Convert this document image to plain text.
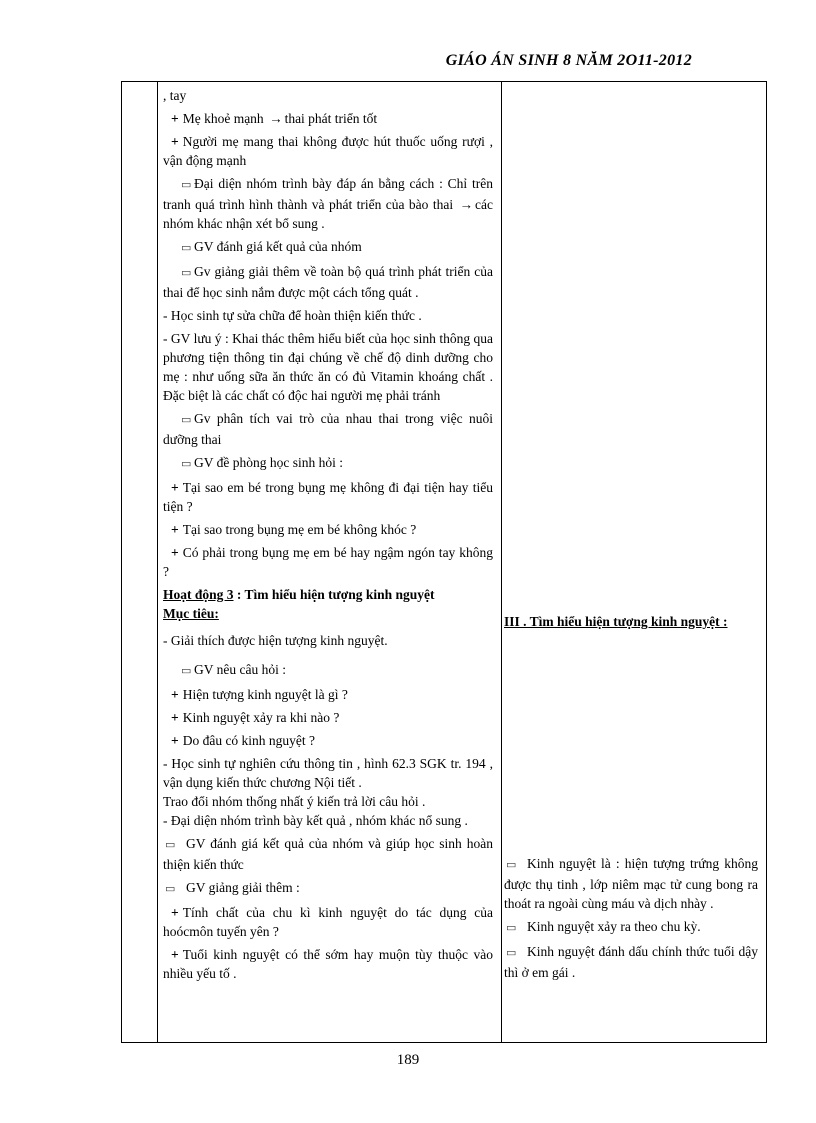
GIÁO ÁN SINH 8 NĂM 2O11-2012
, tay
+ Mẹ khoẻ mạnh → thai phát triển tốt
+ Người mẹ mang thai không được hút thuốc uống rượi , vận động mạnh
▭ Đại diện nhóm trình bày đáp án bằng cách : Chỉ trên tranh quá trình hình thành và phát triển của bào thai → các nhóm khác nhận xét bổ sung .
▭ GV đánh giá kết quả của nhóm
▭ Gv giảng giải thêm về toàn bộ quá trình phát triển của thai để học sinh nắm được một cách tổng quát .
- Học sinh tự sửa chữa để hoàn thiện kiến thức .
- GV lưu ý : Khai thác thêm hiểu biết của học sinh thông qua phương tiện thông tin đại chúng về chế độ dinh dưỡng cho mẹ : như uống sữa ăn thức ăn có đủ Vitamin khoáng chất . Đặc biệt là các chất có độc hai người mẹ phải tránh
▭ Gv phân tích vai trò của nhau thai trong việc nuôi dưỡng thai
▭ GV đề phòng học sinh hỏi :
+ Tại sao em bé trong bụng mẹ không đi đại tiện hay tiểu tiện ?
+ Tại sao trong bụng mẹ em bé không khóc ?
+ Có phải trong bụng mẹ em bé hay ngậm ngón tay không ?
Hoạt động 3 : Tìm hiểu hiện tượng kinh nguyệt
Mục tiêu:
- Giải thích được hiện tượng kinh nguyệt.
▭ GV nêu câu hỏi :
+ Hiện tượng kinh nguyệt là gì ?
+ Kinh nguyệt xảy ra khi nào ?
+ Do đâu có kinh nguyệt ?
- Học sinh tự nghiên cứu thông tin , hình 62.3 SGK tr. 194 , vận dụng kiến thức chương Nội tiết .
Trao đổi nhóm thống nhất ý kiến trả lời câu hỏi .
- Đại diện nhóm trình bày kết quả , nhóm khác nổ sung .
▭ GV đánh giá kết quả của nhóm và giúp học sinh hoàn thiện kiến thức
▭ GV giảng giải thêm :
+ Tính chất của chu kì kinh nguyệt do tác dụng của hoócmôn tuyến yên ?
+ Tuổi kinh nguyệt có thể sớm hay muộn tùy thuộc vào nhiều yếu tố .
III . Tìm hiểu hiện tượng kinh nguyệt :
▭ Kinh nguyệt là : hiện tượng trứng không được thụ tinh , lớp niêm mạc tử cung bong ra thoát ra ngoài cùng máu và dịch nhày .
▭ Kinh nguyệt xảy ra theo chu kỳ.
▭ Kinh nguyệt đánh dấu chính thức tuổi dậy thì ở em gái .
189
